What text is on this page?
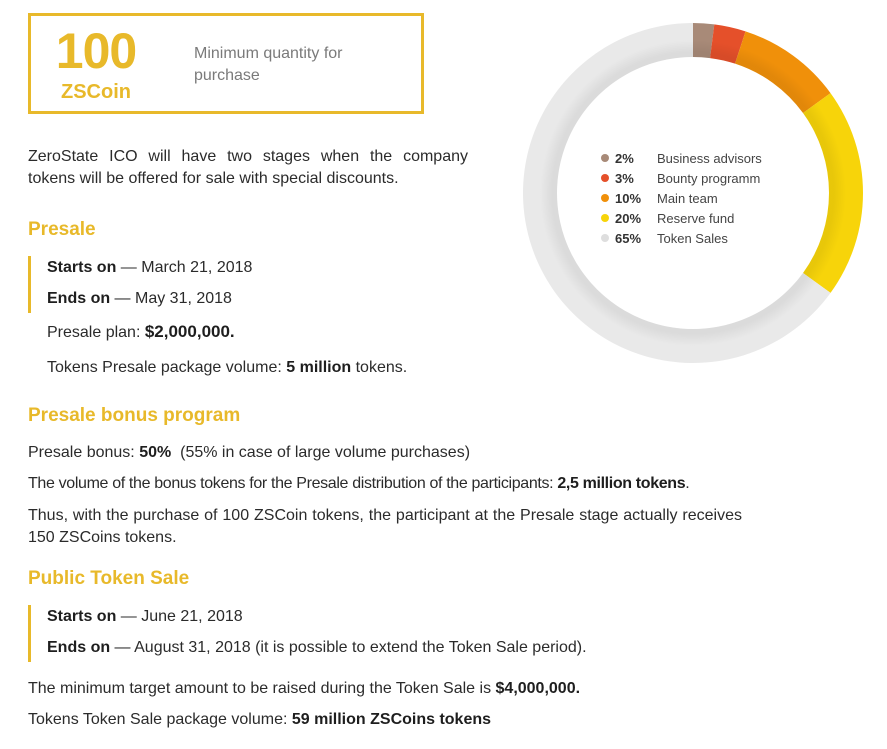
100
ZSCoin
Minimum quantity for purchase
ZeroState ICO will have two stages when the company tokens will be offered for sale with special discounts.
Presale
Starts on — March 21, 2018
Ends on — May 31, 2018
Presale plan: $2,000,000.
Tokens Presale package volume: 5 million tokens.
Presale bonus program
Presale bonus: 50%  (55% in case of large volume purchases)
The volume of the bonus tokens for the Presale distribution of the participants: 2,5 million tokens.
Thus, with the purchase of 100 ZSCoin tokens, the participant at the Presale stage actually receives 150 ZSCoins tokens.
Public Token Sale
Starts on — June 21, 2018
Ends on — August 31, 2018 (it is possible to extend the Token Sale period).
The minimum target amount to be raised during the Token Sale is $4,000,000.
Tokens Token Sale package volume: 59 million ZSCoins tokens
2%	Business advisors
3%	Bounty programm
10%	Main team
20%	Reserve fund
65%	Token Sales
